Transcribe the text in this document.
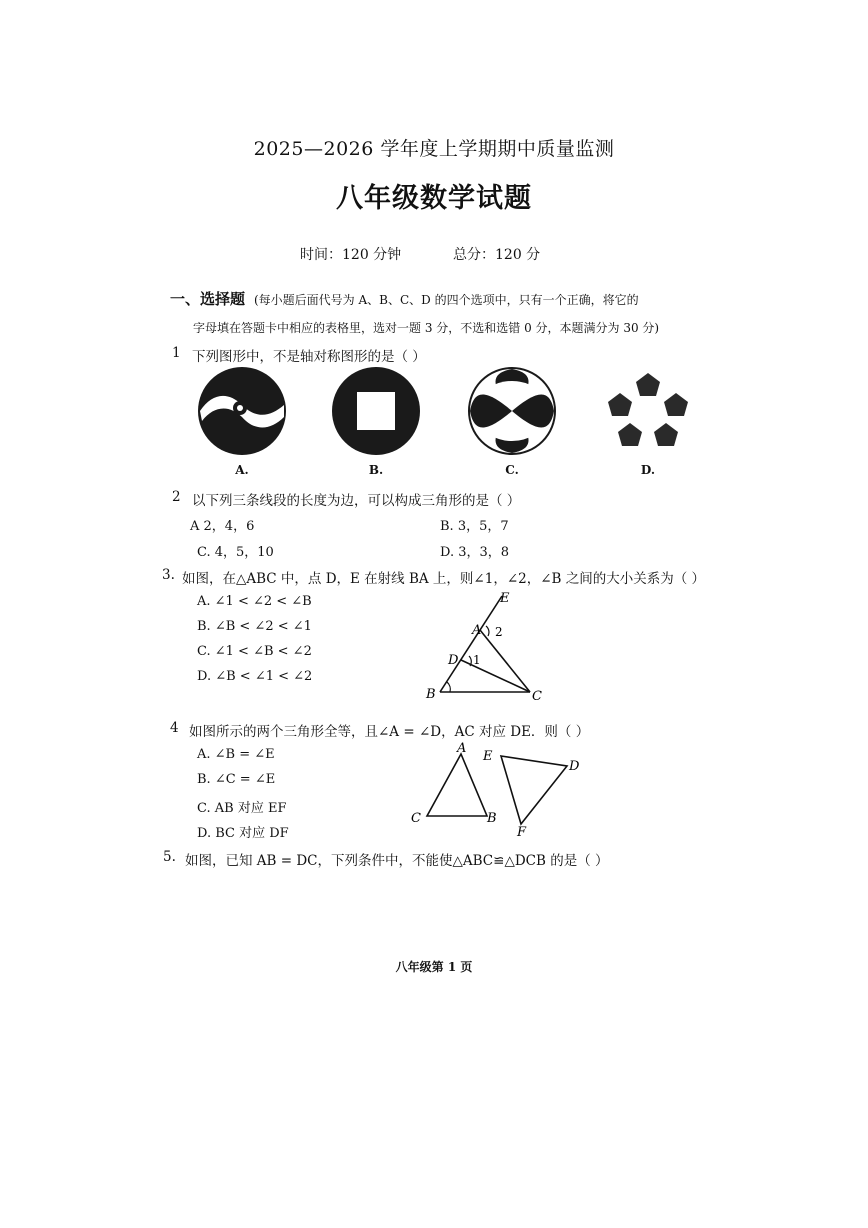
2025—2026 学年度上学期期中质量监测
八年级数学试题
时间：120 分钟	总分：120 分
一、选择题 (每小题后面代号为 A、B、C、D 的四个选项中，只有一个正确，将它的
字母填在答题卡中相应的表格里，选对一题 3 分，不选和选错 0 分，本题满分为 30 分)
1 下列图形中，不是轴对称图形的是（ ）
A.	B.	C.	D.
2 以下列三条线段的长度为边，可以构成三角形的是（ ）
A 2，4，6	B. 3，5，7
C. 4，5，10	D. 3，3，8
3. 如图，在△ABC 中，点 D，E 在射线 BA 上，则∠1，∠2，∠B 之间的大小关系为（ ）
A. ∠1 < ∠2 < ∠B
B. ∠B < ∠2 < ∠1
C. ∠1 < ∠B < ∠2
D. ∠B < ∠1 < ∠2
E
A 2
D 1
B	C
4 如图所示的两个三角形全等，且∠A = ∠D，AC 对应 DE．则（ ）
A. ∠B = ∠E
B. ∠C = ∠E
C. AB 对应 EF
D. BC 对应 DF
A
C	B
E
D
F
5. 如图，已知 AB = DC，下列条件中，不能使△ABC≌△DCB 的是（ ）
八年级第 1 页
